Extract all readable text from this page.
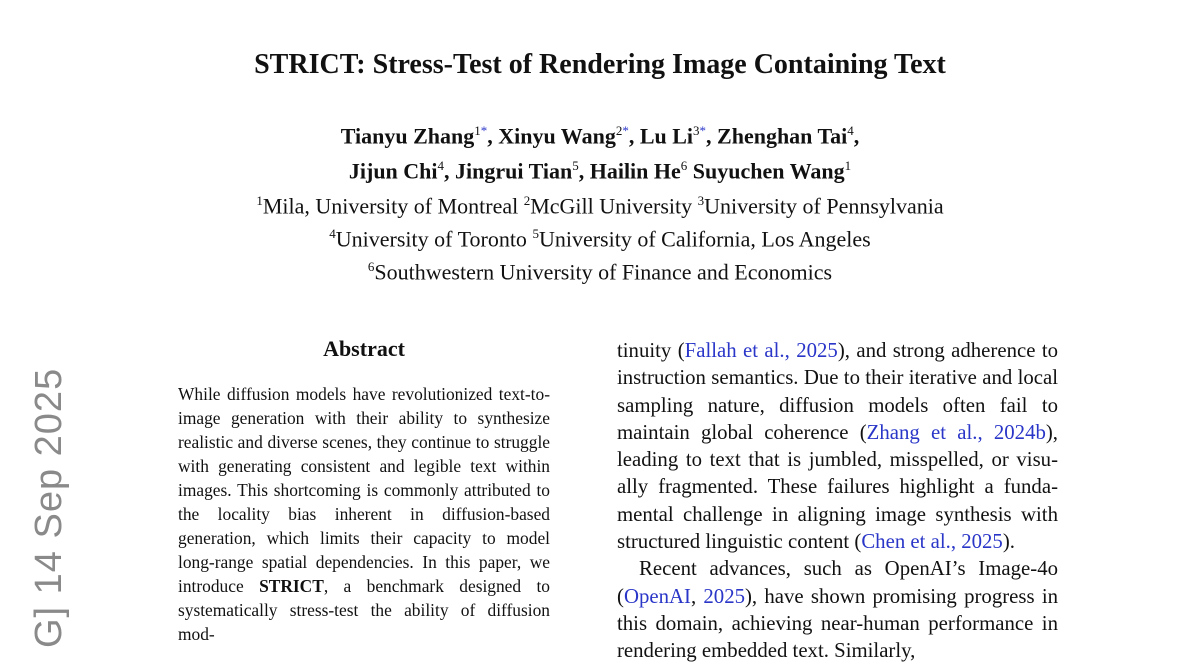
G] 14 Sep 2025
STRICT: Stress-Test of Rendering Image Containing Text
Tianyu Zhang$^{1*}$, Xinyu Wang$^{2*}$, Lu $Li^{3*}$, Zhenghan Tai$^4$,
Jijun Chi$^4$, Jingrui Tian$^5$, Hailin He$^6$ Suyuchen Wang$^1$
$^1$Mila, University of Montreal $^2$McGill University $^3$University of Pennsylvania
$^4$University of Toronto $^5$University of California, Los Angeles
$^6$Southwestern University of Finance and Economics
Abstract

While diffusion models have revolutionized text-to-image generation with their ability to synthesize realistic and diverse scenes, they continue to struggle with generating consistent and legible text within images. This shortcoming is commonly attributed to the locality bias inherent in diffusion-based generation, which limits their capacity to model long-range spatial dependencies. In this paper, we introduce STRICT, a benchmark designed to systematically stress-test the ability of diffusion mod-

tinuity (Fallah et al., 2025), and strong adherence to instruction semantics. Due to their iterative and local sampling nature, diffusion models often fail to maintain global coherence (Zhang et al., 2024b), leading to text that is jumbled, misspelled, or visually fragmented. These failures highlight a fundamental challenge in aligning image synthesis with structured linguistic content (Chen et al., 2025).

Recent advances, such as OpenAI’s Image-4o (OpenAI, 2025), have shown promising progress in this domain, achieving near-human performance in rendering embedded text. Similarly,
